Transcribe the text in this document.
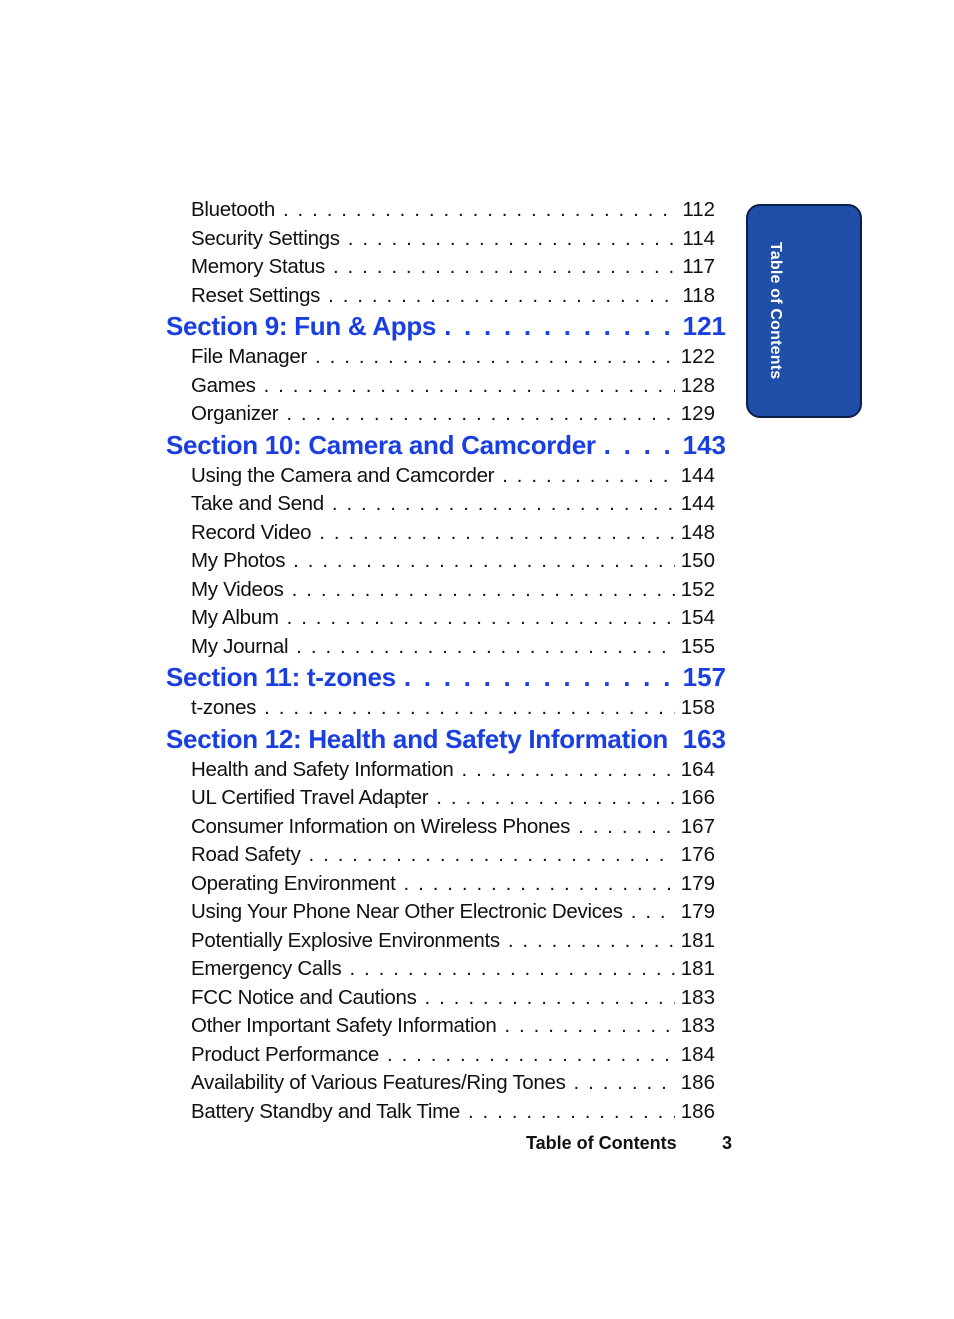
Bluetooth . . .	112
Security Settings . . .	114
Memory Status . . .	117
Reset Settings . . .	118
Section 9: Fun & Apps . . .	121
File Manager . . .	122
Games . . .	128
Organizer . . .	129
Section 10: Camera and Camcorder . . .	143
Using the Camera and Camcorder . . .	144
Take and Send . . .	144
Record Video . . .	148
My Photos . . .	150
My Videos . . .	152
My Album . . .	154
My Journal . . .	155
Section 11: t-zones . . .	157
t-zones . . .	158
Section 12: Health and Safety Information . . . 163
Health and Safety Information . . .	164
UL Certified Travel Adapter . . .	166
Consumer Information on Wireless Phones . . .	167
Road Safety . . .	176
Operating Environment . . .	179
Using Your Phone Near Other Electronic Devices . . .	179
Potentially Explosive Environments . . .	181
Emergency Calls . . .	181
FCC Notice and Cautions . . .	183
Other Important Safety Information . . .	183
Product Performance . . .	184
Availability of Various Features/Ring Tones . . .	186
Battery Standby and Talk Time . . .	186
Table of Contents
Table of Contents	3
